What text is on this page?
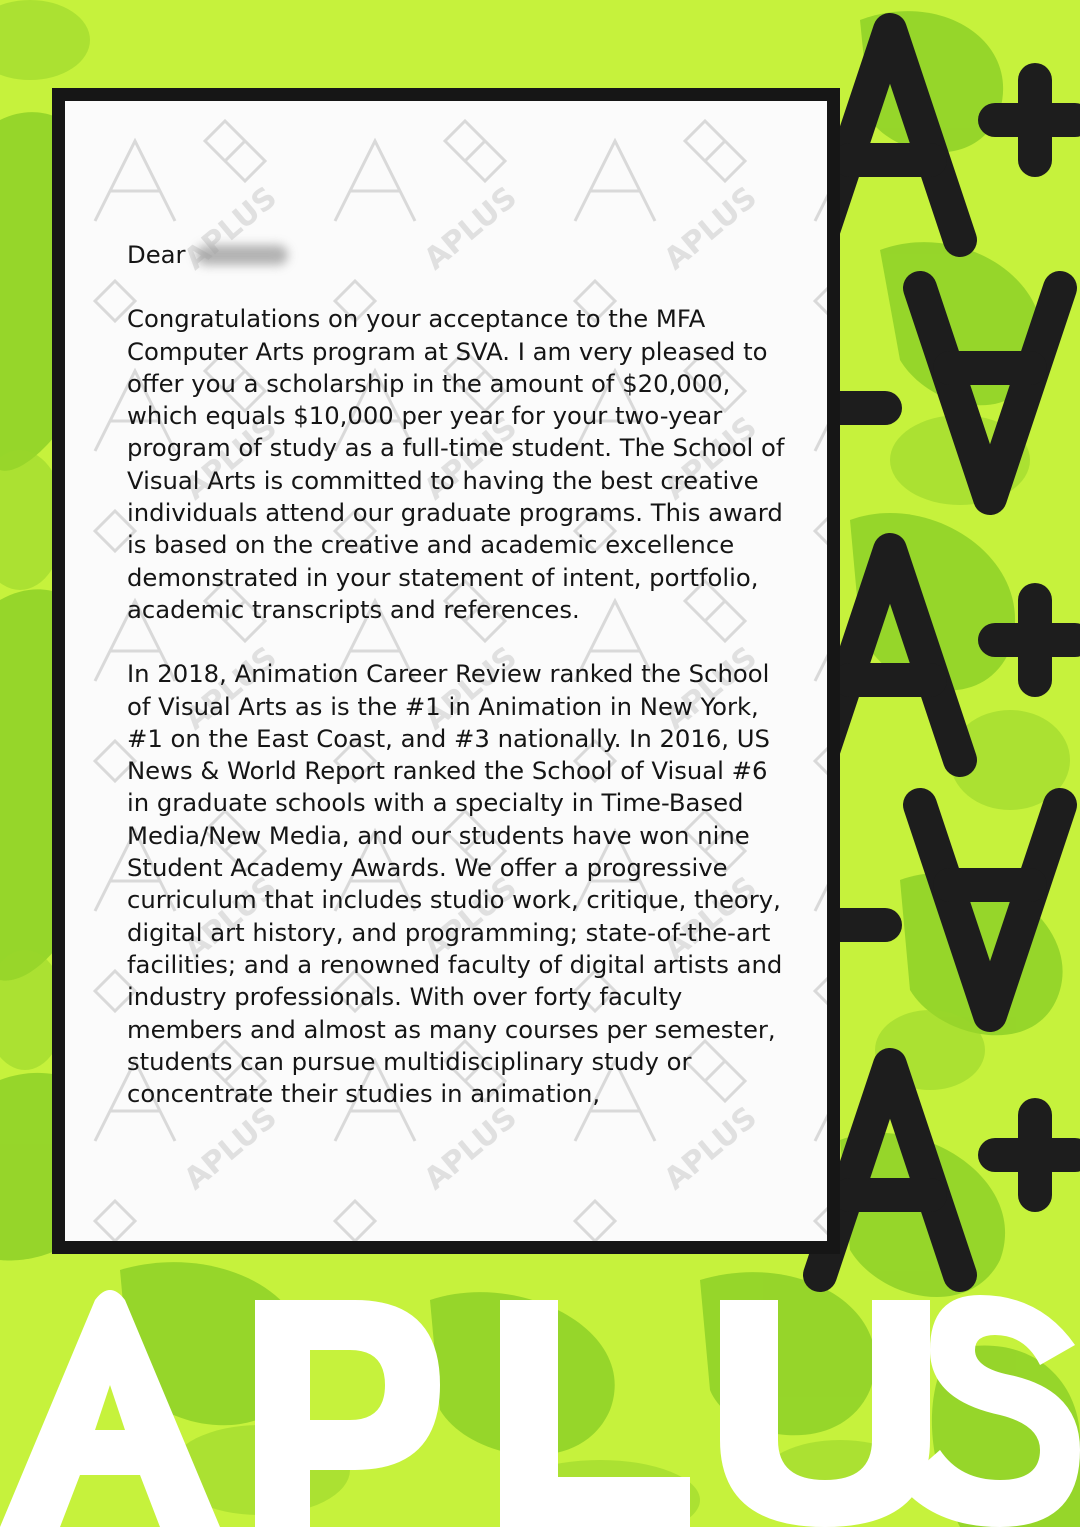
Dear

Congratulations on your acceptance to the MFA Computer Arts program at SVA. I am very pleased to offer you a scholarship in the amount of $20,000, which equals $10,000 per year for your two-year program of study as a full-time student. The School of Visual Arts is committed to having the best creative individuals attend our graduate programs. This award is based on the creative and academic excellence demonstrated in your statement of intent, portfolio, academic transcripts and references.

In 2018, Animation Career Review ranked the School of Visual Arts as is the #1 in Animation in New York, #1 on the East Coast, and #3 nationally. In 2016, US News & World Report ranked the School of Visual #6 in graduate schools with a specialty in Time-Based Media/New Media, and our students have won nine Student Academy Awards. We offer a progressive curriculum that includes studio work, critique, theory, digital art history, and programming; state-of-the-art facilities; and a renowned faculty of digital artists and industry professionals. With over forty faculty members and almost as many courses per semester, students can pursue multidisciplinary study or concentrate their studies in animation,

APLUS
